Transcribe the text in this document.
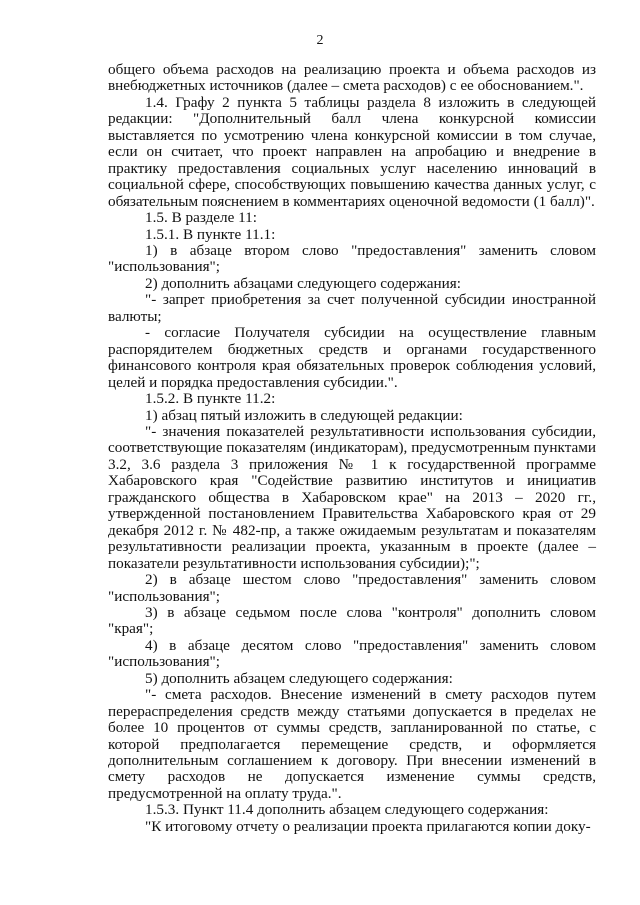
2

общего объема расходов на реализацию проекта и объема расходов из внебюджетных источников (далее – смета расходов) с ее обоснованием.".

1.4. Графу 2 пункта 5 таблицы раздела 8 изложить в следующей редакции: "Дополнительный балл члена конкурсной комиссии выставляется по усмотрению члена конкурсной комиссии в том случае, если он считает, что проект направлен на апробацию и внедрение в практику предоставления социальных услуг населению инноваций в социальной сфере, способствующих повышению качества данных услуг, с обязательным пояснением в комментариях оценочной ведомости (1 балл)".

1.5. В разделе 11:

1.5.1. В пункте 11.1:

1) в абзаце втором слово "предоставления" заменить словом "использования";

2) дополнить абзацами следующего содержания:

"- запрет приобретения за счет полученной субсидии иностранной валюты;

- согласие Получателя субсидии на осуществление главным распорядителем бюджетных средств и органами государственного финансового контроля края обязательных проверок соблюдения условий, целей и порядка предоставления субсидии.".

1.5.2. В пункте 11.2:

1) абзац пятый изложить в следующей редакции:

"- значения показателей результативности использования субсидии, соответствующие показателям (индикаторам), предусмотренным пунктами 3.2, 3.6 раздела 3 приложения № 1 к государственной программе Хабаровского края "Содействие развитию институтов и инициатив гражданского общества в Хабаровском крае" на 2013 – 2020 гг., утвержденной постановлением Правительства Хабаровского края от 29 декабря 2012 г. № 482-пр, а также ожидаемым результатам и показателям результативности реализации проекта, указанным в проекте (далее – показатели результативности использования субсидии);";

2) в абзаце шестом слово "предоставления" заменить словом "использования";

3) в абзаце седьмом после слова "контроля" дополнить словом "края";

4) в абзаце десятом слово "предоставления" заменить словом "использования";

5) дополнить абзацем следующего содержания:

"- смета расходов. Внесение изменений в смету расходов путем перераспределения средств между статьями допускается в пределах не более 10 процентов от суммы средств, запланированной по статье, с которой предполагается перемещение средств, и оформляется дополнительным соглашением к договору. При внесении изменений в смету расходов не допускается изменение суммы средств, предусмотренной на оплату труда.".

1.5.3. Пункт 11.4 дополнить абзацем следующего содержания:

"К итоговому отчету о реализации проекта прилагаются копии доку-
